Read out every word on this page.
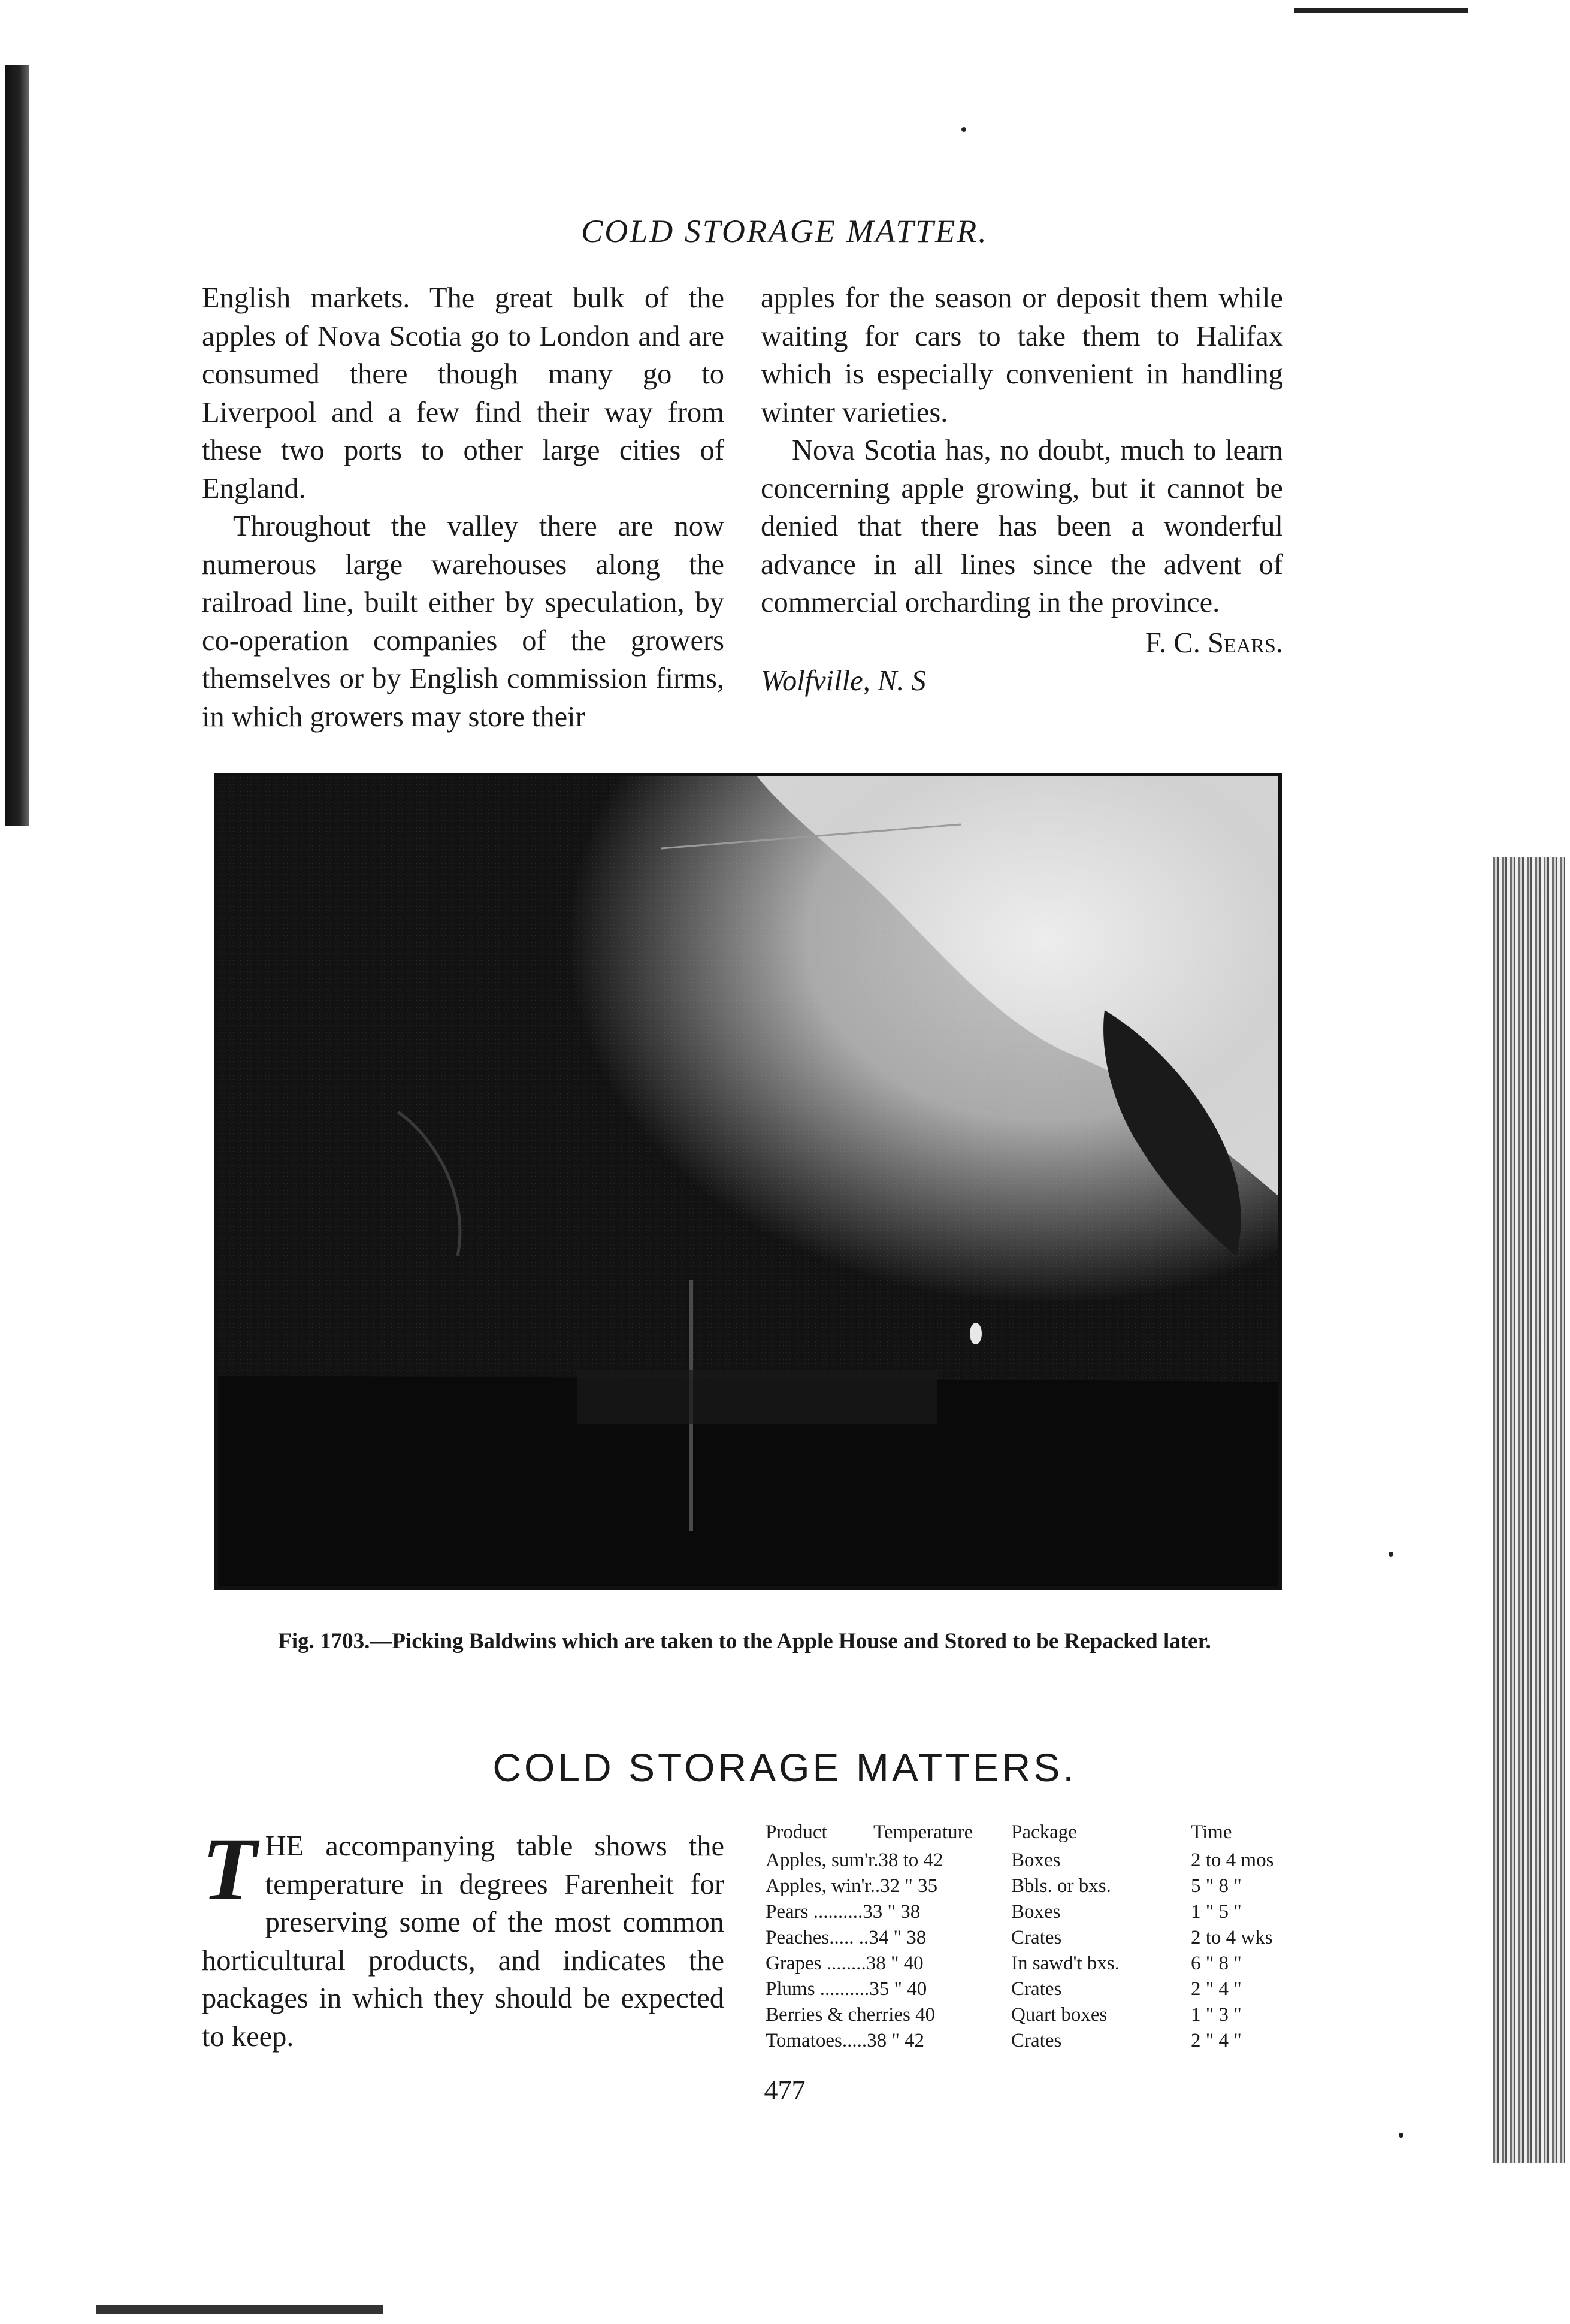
COLD STORAGE MATTER.

English markets. The great bulk of the apples of Nova Scotia go to London and are consumed there though many go to Liverpool and a few find their way from these two ports to other large cities of England.

Throughout the valley there are now numerous large warehouses along the railroad line, built either by speculation, by co-operation companies of the growers themselves or by English commission firms, in which growers may store their

apples for the season or deposit them while waiting for cars to take them to Halifax which is especially convenient in handling winter varieties.

Nova Scotia has, no doubt, much to learn concerning apple growing, but it cannot be denied that there has been a wonderful advance in all lines since the advent of commercial orcharding in the province.

F. C. Sears.

Wolfville, N. S

Fig. 1703.—Picking Baldwins which are taken to the Apple House and Stored to be Repacked later.
COLD STORAGE MATTERS.
T HE accompanying table shows the temperature in degrees Farenheit for preserving some of the most common horticultural products, and indicates the packages in which they should be expected to keep.
Product Temperature	Package	Time
Apples, sum'r.38 to 42	Boxes	2 to 4 mos
Apples, win'r..32 " 35	Bbls. or bxs.	5 " 8 "
Pears ..........33 " 38	Boxes	1 " 5 "
Peaches..... ..34 " 38	Crates	2 to 4 wks
Grapes ........38 " 40	In sawd't bxs.	6 " 8 "
Plums ..........35 " 40	Crates	2 " 4 "
Berries & cherries 40	Quart boxes	1 " 3 "
Tomatoes.....38 " 42	Crates	2 " 4 "
477
